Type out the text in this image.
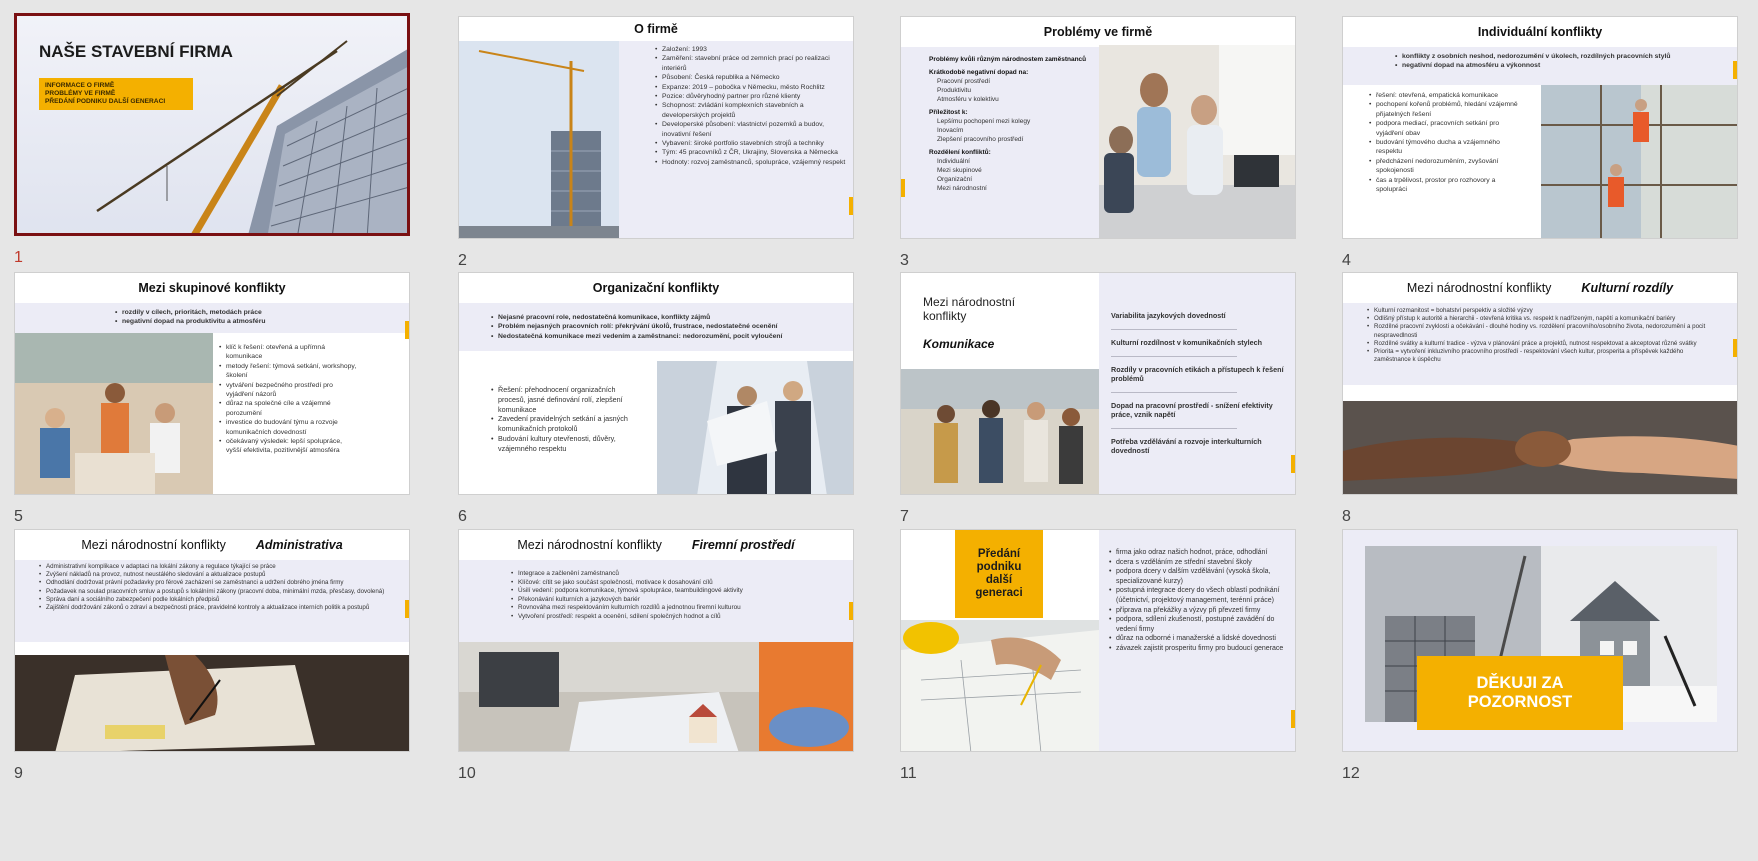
NAŠE STAVEBNÍ FIRMA
INFORMACE O FIRMĚ
PROBLÉMY VE FIRMĚ
PŘEDÁNÍ PODNIKU DALŠÍ GENERACI
1
O firmě
• Založení: 1993
• Zaměření: stavební práce od zemních prací po realizaci interiérů
• Působení: Česká republika a Německo
• Expanze: 2019 – pobočka v Německu, město Rochlitz
• Pozice: důvěryhodný partner pro různé klienty
• Schopnost: zvládání komplexních stavebních a developerských projektů
• Developerské působení: vlastnictví pozemků a budov, inovativní řešení
• Vybavení: široké portfolio stavebních strojů a techniky
• Tým: 45 pracovníků z ČR, Ukrajiny, Slovenska a Německa
• Hodnoty: rozvoj zaměstnanců, spolupráce, vzájemný respekt
2
Problémy ve firmě
Problémy kvůli různým národnostem zaměstnanců
Krátkodobě negativní dopad na:
Pracovní prostředí
Produktivitu
Atmosféru v kolektivu
Příležitost k:
Lepšímu pochopení mezi kolegy
Inovacím
Zlepšení pracovního prostředí
Rozdělení konfliktů:
Individuální
Mezi skupinové
Organizační
Mezi národnostní
3
Individuální konflikty
• konflikty z osobních neshod, nedorozumění v úkolech, rozdílných pracovních stylů
• negativní dopad na atmosféru a výkonnost
• řešení: otevřená, empatická komunikace
• pochopení kořenů problémů, hledání vzájemně přijatelných řešení
• podpora mediací, pracovních setkání pro vyjádření obav
• budování týmového ducha a vzájemného respektu
• předcházení nedorozuměním, zvyšování spokojenosti
• čas a trpělivost, prostor pro rozhovory a spolupráci
4
Mezi skupinové konflikty
• rozdíly v cílech, prioritách, metodách práce
• negativní dopad na produktivitu a atmosféru
• klíč k řešení: otevřená a upřímná komunikace
• metody řešení: týmová setkání, workshopy, školení
• vytváření bezpečného prostředí pro vyjádření názorů
• důraz na společné cíle a vzájemné porozumění
• investice do budování týmu a rozvoje komunikačních dovedností
• očekávaný výsledek: lepší spolupráce, vyšší efektivita, pozitivnější atmosféra
5
Organizační konflikty
• Nejasné pracovní role, nedostatečná komunikace, konflikty zájmů
• Problém nejasných pracovních rolí: překrývání úkolů, frustrace, nedostatečné ocenění
• Nedostatečná komunikace mezi vedením a zaměstnanci: nedorozumění, pocit vyloučení
• Řešení: přehodnocení organizačních procesů, jasné definování rolí, zlepšení komunikace
• Zavedení pravidelných setkání a jasných komunikačních protokolů
• Budování kultury otevřenosti, důvěry, vzájemného respektu
6
Mezi národnostní konflikty
Komunikace
Variabilita jazykových dovedností
Kulturní rozdílnost v komunikačních stylech
Rozdíly v pracovních etikách a přístupech k řešení problémů
Dopad na pracovní prostředí - snížení efektivity práce, vznik napětí
Potřeba vzdělávání a rozvoje interkulturních dovedností
7
Mezi národnostní konflikty Kulturní rozdíly
• Kulturní rozmanitost = bohatství perspektiv a složité výzvy
• Odlišný přístup k autoritě a hierarchii - otevřená kritika vs. respekt k nadřízeným, napětí a komunikační bariéry
• Rozdílné pracovní zvyklosti a očekávání - dlouhé hodiny vs. rozdělení pracovního/osobního života, nedorozumění a pocit nespravedlnosti
• Rozdílné svátky a kulturní tradice - výzva v plánování práce a projektů, nutnost respektovat a akceptovat různé svátky
• Priorita = vytvoření inkluzivního pracovního prostředí - respektování všech kultur, prosperita a příspěvek každého zaměstnance k úspěchu
8
Mezi národnostní konflikty Administrativa
• Administrativní komplikace v adaptaci na lokální zákony a regulace týkající se práce
• Zvýšení nákladů na provoz, nutnost neustálého sledování a aktualizace postupů
• Odhodlání dodržovat právní požadavky pro férové zacházení se zaměstnanci a udržení dobrého jména firmy
• Požadavek na soulad pracovních smluv a postupů s lokálními zákony (pracovní doba, minimální mzda, přesčasy, dovolená)
• Správa daní a sociálního zabezpečení podle lokálních předpisů
• Zajištění dodržování zákonů o zdraví a bezpečnosti práce, pravidelné kontroly a aktualizace interních politik a postupů
9
Mezi národnostní konflikty Firemní prostředí
• Integrace a začlenění zaměstnanců
• Klíčové: cítit se jako součást společnosti, motivace k dosahování cílů
• Úsilí vedení: podpora komunikace, týmová spolupráce, teambuildingové aktivity
• Překonávání kulturních a jazykových bariér
• Rovnováha mezi respektováním kulturních rozdílů a jednotnou firemní kulturou
• Vytvoření prostředí: respekt a ocenění, sdílení společných hodnot a cílů
10
Předání podniku další generaci
• firma jako odraz našich hodnot, práce, odhodlání
• dcera s vzděláním ze střední stavební školy
• podpora dcery v dalším vzdělávání (vysoká škola, specializované kurzy)
• postupná integrace dcery do všech oblastí podnikání (účetnictví, projektový management, terénní práce)
• příprava na překážky a výzvy při převzetí firmy
• podpora, sdílení zkušeností, postupné zavádění do vedení firmy
• důraz na odborné i manažerské a lidské dovednosti
• závazek zajistit prosperitu firmy pro budoucí generace
11
DĚKUJI ZA POZORNOST
12
